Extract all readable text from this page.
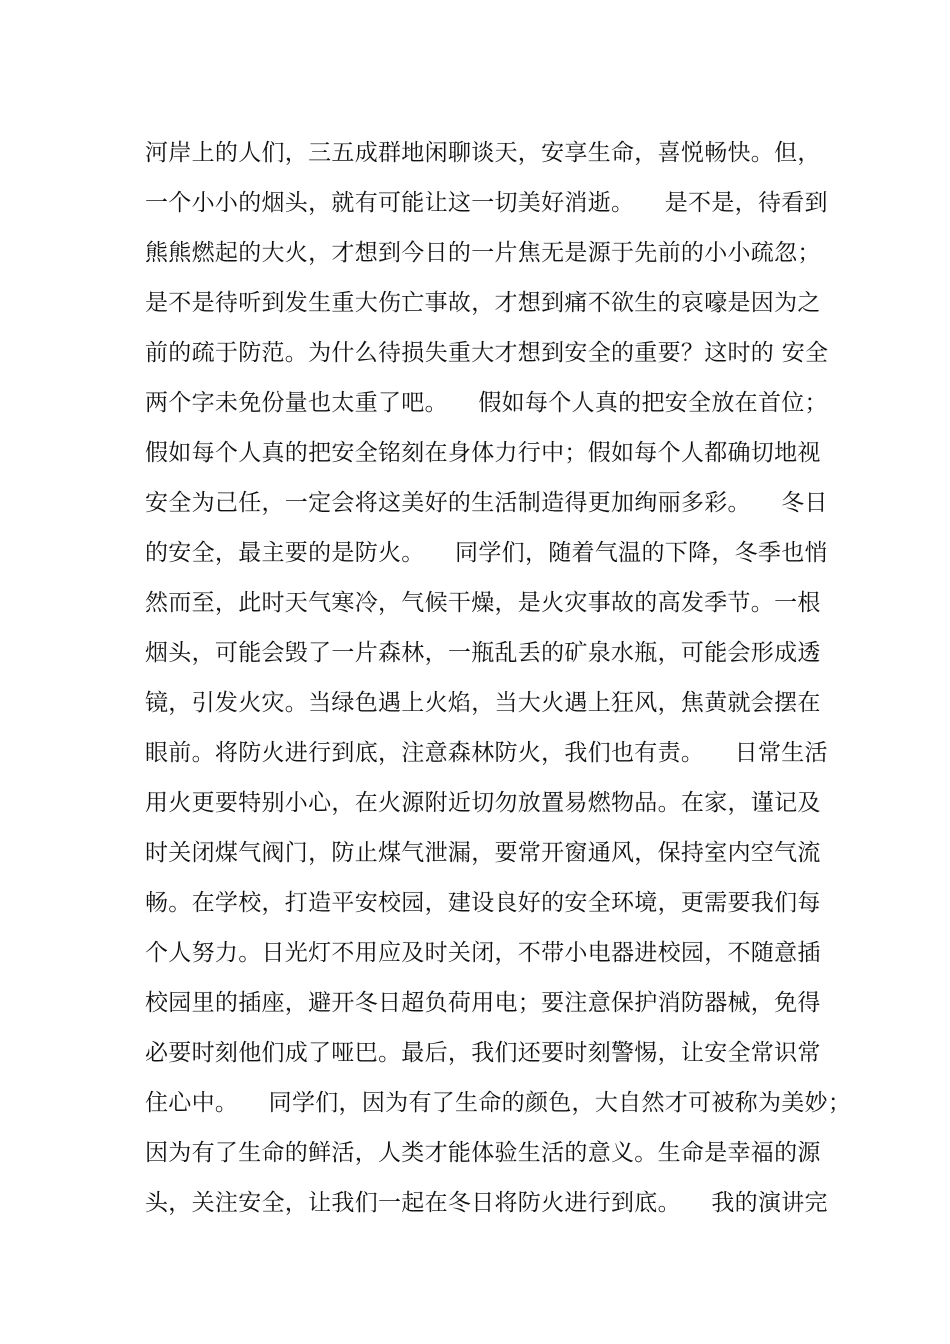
河岸上的人们，三五成群地闲聊谈天，安享生命，喜悦畅快。但，
一个小小的烟头，就有可能让这一切美好消逝。    是不是，待看到
熊熊燃起的大火，才想到今日的一片焦无是源于先前的小小疏忽；
是不是待听到发生重大伤亡事故，才想到痛不欲生的哀嚎是因为之
前的疏于防范。为什么待损失重大才想到安全的重要？这时的 安全
两个字未免份量也太重了吧。    假如每个人真的把安全放在首位；
假如每个人真的把安全铭刻在身体力行中；假如每个人都确切地视
安全为己任，一定会将这美好的生活制造得更加绚丽多彩。    冬日
的安全，最主要的是防火。    同学们，随着气温的下降，冬季也悄
然而至，此时天气寒冷，气候干燥，是火灾事故的高发季节。一根
烟头，可能会毁了一片森林，一瓶乱丢的矿泉水瓶，可能会形成透
镜，引发火灾。当绿色遇上火焰，当大火遇上狂风，焦黄就会摆在
眼前。将防火进行到底，注意森林防火，我们也有责。    日常生活
用火更要特别小心，在火源附近切勿放置易燃物品。在家，谨记及
时关闭煤气阀门，防止煤气泄漏，要常开窗通风，保持室内空气流
畅。在学校，打造平安校园，建设良好的安全环境，更需要我们每
个人努力。日光灯不用应及时关闭，不带小电器进校园，不随意插
校园里的插座，避开冬日超负荷用电；要注意保护消防器械，免得
必要时刻他们成了哑巴。最后，我们还要时刻警惕，让安全常识常
住心中。    同学们，因为有了生命的颜色，大自然才可被称为美妙；
因为有了生命的鲜活，人类才能体验生活的意义。生命是幸福的源
头，关注安全，让我们一起在冬日将防火进行到底。    我的演讲完
